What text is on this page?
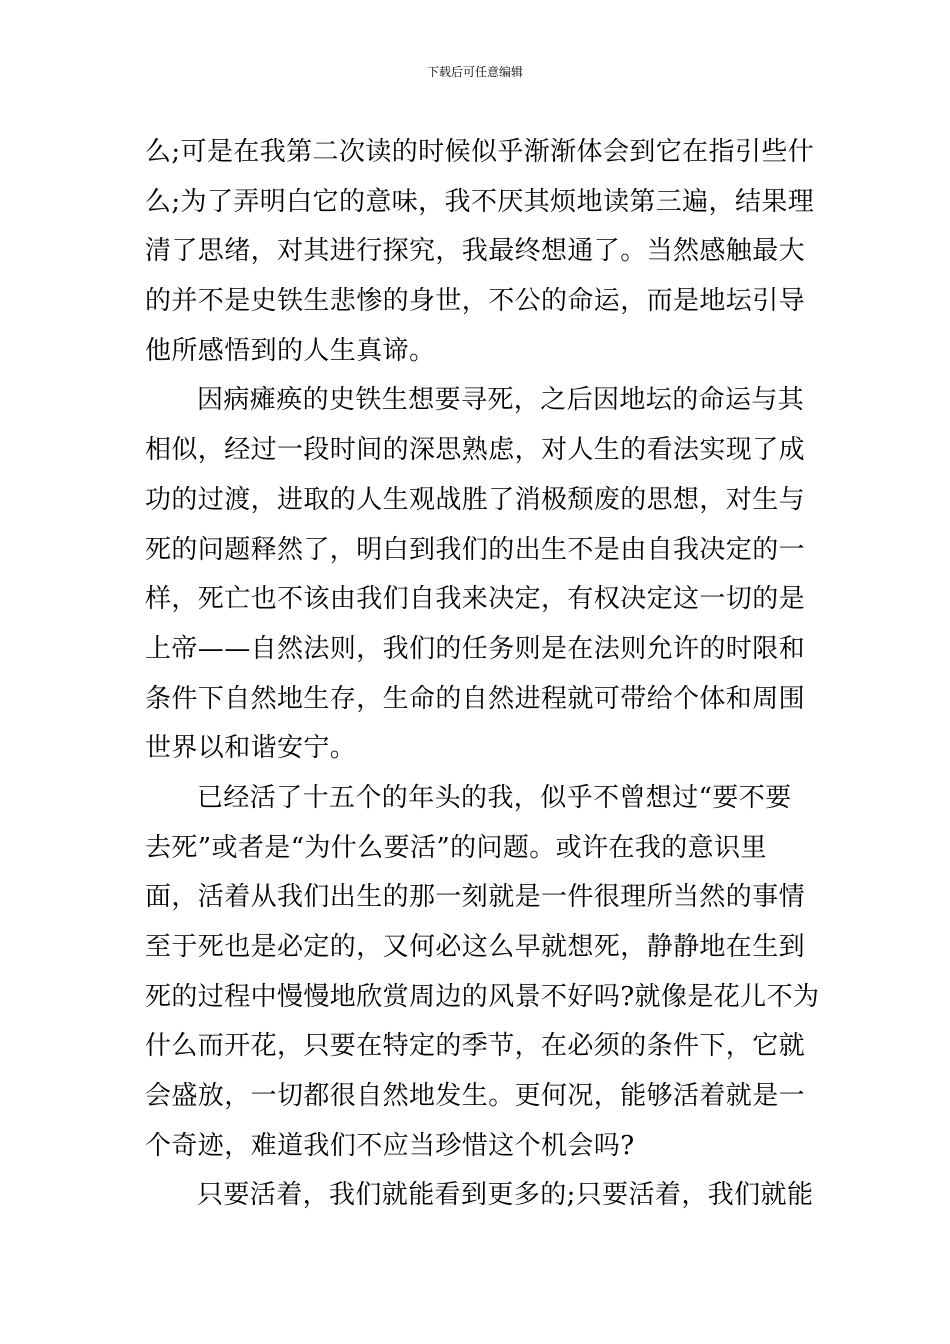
下载后可任意编辑
么;可是在我第二次读的时候似乎渐渐体会到它在指引些什
么;为了弄明白它的意味，我不厌其烦地读第三遍，结果理
清了思绪，对其进行探究，我最终想通了。当然感触最大
的并不是史铁生悲惨的身世，不公的命运，而是地坛引导
他所感悟到的人生真谛。
因病瘫痪的史铁生想要寻死，之后因地坛的命运与其
相似，经过一段时间的深思熟虑，对人生的看法实现了成
功的过渡，进取的人生观战胜了消极颓废的思想，对生与
死的问题释然了，明白到我们的出生不是由自我决定的一
样，死亡也不该由我们自我来决定，有权决定这一切的是
上帝——自然法则，我们的任务则是在法则允许的时限和
条件下自然地生存，生命的自然进程就可带给个体和周围
世界以和谐安宁。
已经活了十五个的年头的我，似乎不曾想过“要不要
去死”或者是“为什么要活”的问题。或许在我的意识里
面，活着从我们出生的那一刻就是一件很理所当然的事情
至于死也是必定的，又何必这么早就想死，静静地在生到
死的过程中慢慢地欣赏周边的风景不好吗?就像是花儿不为
什么而开花，只要在特定的季节，在必须的条件下，它就
会盛放，一切都很自然地发生。更何况，能够活着就是一
个奇迹，难道我们不应当珍惜这个机会吗?
只要活着，我们就能看到更多的;只要活着，我们就能
